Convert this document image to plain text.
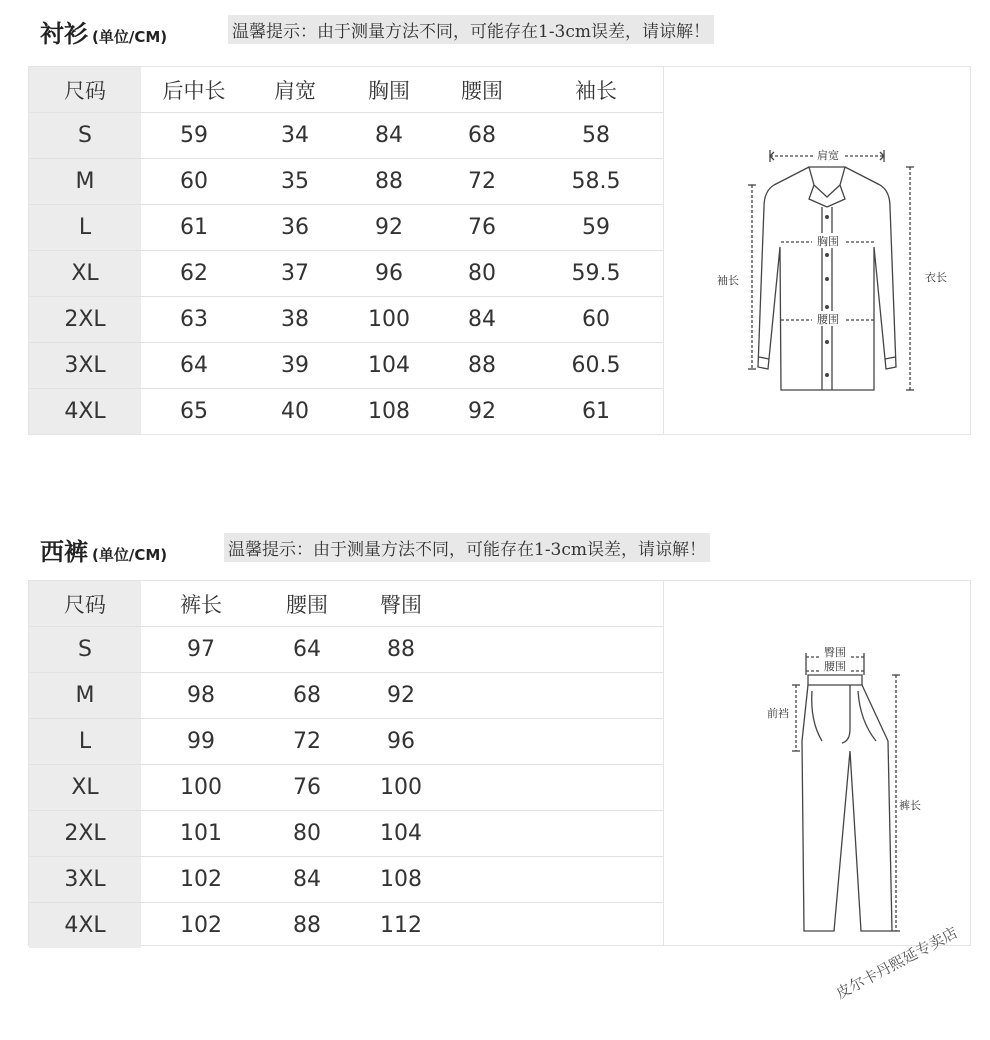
衬衫 (单位/CM)	温馨提示：由于测量方法不同，可能存在1-3cm误差，请谅解！
尺码	后中长	肩宽	胸围	腰围	袖长
S	59	34	84	68	58
M	60	35	88	72	58.5
L	61	36	92	76	59
XL	62	37	96	80	59.5
2XL	63	38	100	84	60
3XL	64	39	104	88	60.5
4XL	65	40	108	92	61
肩宽
胸围
腰围
袖长	衣长
西裤 (单位/CM)	温馨提示：由于测量方法不同，可能存在1-3cm误差，请谅解！
尺码	裤长	腰围	臀围	
S	97	64	88	
M	98	68	92	
L	99	72	96	
XL	100	76	100	
2XL	101	80	104	
3XL	102	84	108	
4XL	102	88	112	
臀围
腰围
前裆
裤长
皮尔卡丹熙延专卖店
